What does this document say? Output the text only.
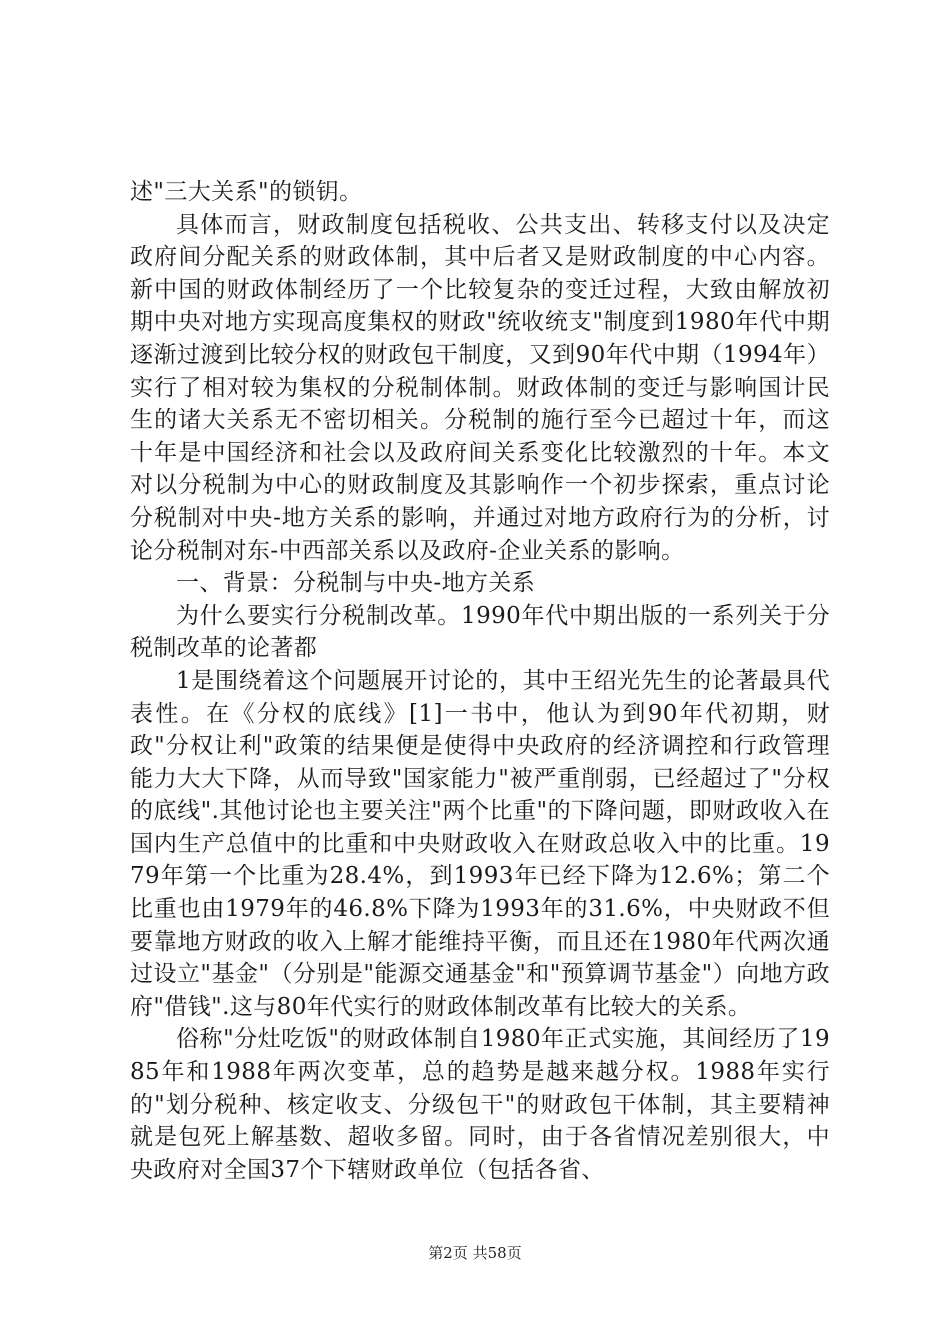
述"三大关系"的锁钥。

具体而言，财政制度包括税收、公共支出、转移支付以及决定政府间分配关系的财政体制，其中后者又是财政制度的中心内容。新中国的财政体制经历了一个比较复杂的变迁过程，大致由解放初期中央对地方实现高度集权的财政"统收统支"制度到1980年代中期逐渐过渡到比较分权的财政包干制度，又到90年代中期（1994年）实行了相对较为集权的分税制体制。财政体制的变迁与影响国计民生的诸大关系无不密切相关。分税制的施行至今已超过十年，而这十年是中国经济和社会以及政府间关系变化比较激烈的十年。本文对以分税制为中心的财政制度及其影响作一个初步探索，重点讨论分税制对中央-地方关系的影响，并通过对地方政府行为的分析，讨论分税制对东-中西部关系以及政府-企业关系的影响。

一、背景：分税制与中央-地方关系

为什么要实行分税制改革。1990年代中期出版的一系列关于分税制改革的论著都

1是围绕着这个问题展开讨论的，其中王绍光先生的论著最具代表性。在《分权的底线》[1]一书中，他认为到90年代初期，财政"分权让利"政策的结果便是使得中央政府的经济调控和行政管理能力大大下降，从而导致"国家能力"被严重削弱，已经超过了"分权的底线".其他讨论也主要关注"两个比重"的下降问题，即财政收入在国内生产总值中的比重和中央财政收入在财政总收入中的比重。1979年第一个比重为28.4%，到1993年已经下降为12.6%；第二个比重也由1979年的46.8%下降为1993年的31.6%，中央财政不但要靠地方财政的收入上解才能维持平衡，而且还在1980年代两次通过设立"基金"（分别是"能源交通基金"和"预算调节基金"）向地方政府"借钱".这与80年代实行的财政体制改革有比较大的关系。

俗称"分灶吃饭"的财政体制自1980年正式实施，其间经历了1985年和1988年两次变革，总的趋势是越来越分权。1988年实行的"划分税种、核定收支、分级包干"的财政包干体制，其主要精神就是包死上解基数、超收多留。同时，由于各省情况差别很大，中央政府对全国37个下辖财政单位（包括各省、

第2页 共58页
